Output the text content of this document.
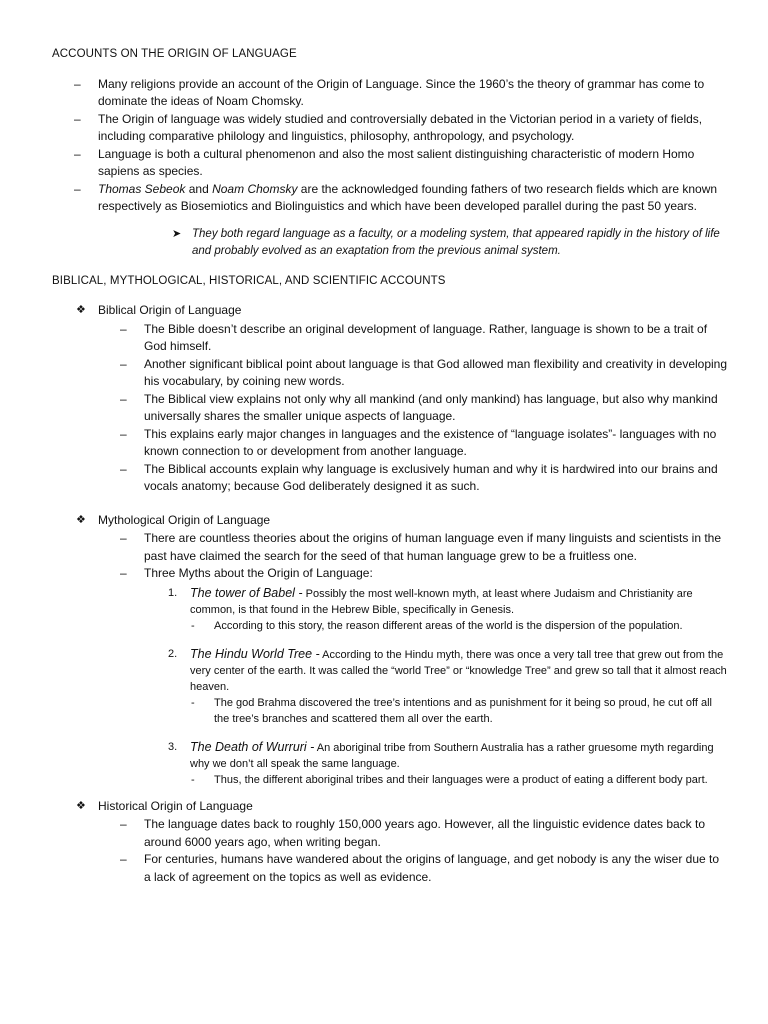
ACCOUNTS ON THE ORIGIN OF LANGUAGE
– Many religions provide an account of the Origin of Language. Since the 1960’s the theory of grammar has come to dominate the ideas of Noam Chomsky.
– The Origin of language was widely studied and controversially debated in the Victorian period in a variety of fields, including comparative philology and linguistics, philosophy, anthropology, and psychology.
– Language is both a cultural phenomenon and also the most salient distinguishing characteristic of modern Homo sapiens as species.
– Thomas Sebeok and Noam Chomsky are the acknowledged founding fathers of two research fields which are known respectively as Biosemiotics and Biolinguistics and which have been developed parallel during the past 50 years.
➤ They both regard language as a faculty, or a modeling system, that appeared rapidly in the history of life and probably evolved as an exaptation from the previous animal system.
BIBLICAL, MYTHOLOGICAL, HISTORICAL, AND SCIENTIFIC ACCOUNTS
❖ Biblical Origin of Language
– The Bible doesn’t describe an original development of language. Rather, language is shown to be a trait of God himself.
– Another significant biblical point about language is that God allowed man flexibility and creativity in developing his vocabulary, by coining new words.
– The Biblical view explains not only why all mankind (and only mankind) has language, but also why mankind universally shares the smaller unique aspects of language.
– This explains early major changes in languages and the existence of “language isolates”- languages with no known connection to or development from another language.
– The Biblical accounts explain why language is exclusively human and why it is hardwired into our brains and vocals anatomy; because God deliberately designed it as such.
❖ Mythological Origin of Language
– There are countless theories about the origins of human language even if many linguists and scientists in the past have claimed the search for the seed of that human language grew to be a fruitless one.
– Three Myths about the Origin of Language:
1. The tower of Babel - Possibly the most well-known myth, at least where Judaism and Christianity are common, is that found in the Hebrew Bible, specifically in Genesis.
- According to this story, the reason different areas of the world is the dispersion of the population.
2. The Hindu World Tree - According to the Hindu myth, there was once a very tall tree that grew out from the very center of the earth. It was called the “world Tree” or “knowledge Tree” and grew so tall that it almost reach heaven.
- The god Brahma discovered the tree’s intentions and as punishment for it being so proud, he cut off all the tree’s branches and scattered them all over the earth.
3. The Death of Wurruri - An aboriginal tribe from Southern Australia has a rather gruesome myth regarding why we don’t all speak the same language.
- Thus, the different aboriginal tribes and their languages were a product of eating a different body part.
❖ Historical Origin of Language
– The language dates back to roughly 150,000 years ago. However, all the linguistic evidence dates back to around 6000 years ago, when writing began.
– For centuries, humans have wandered about the origins of language, and get nobody is any the wiser due to a lack of agreement on the topics as well as evidence.
